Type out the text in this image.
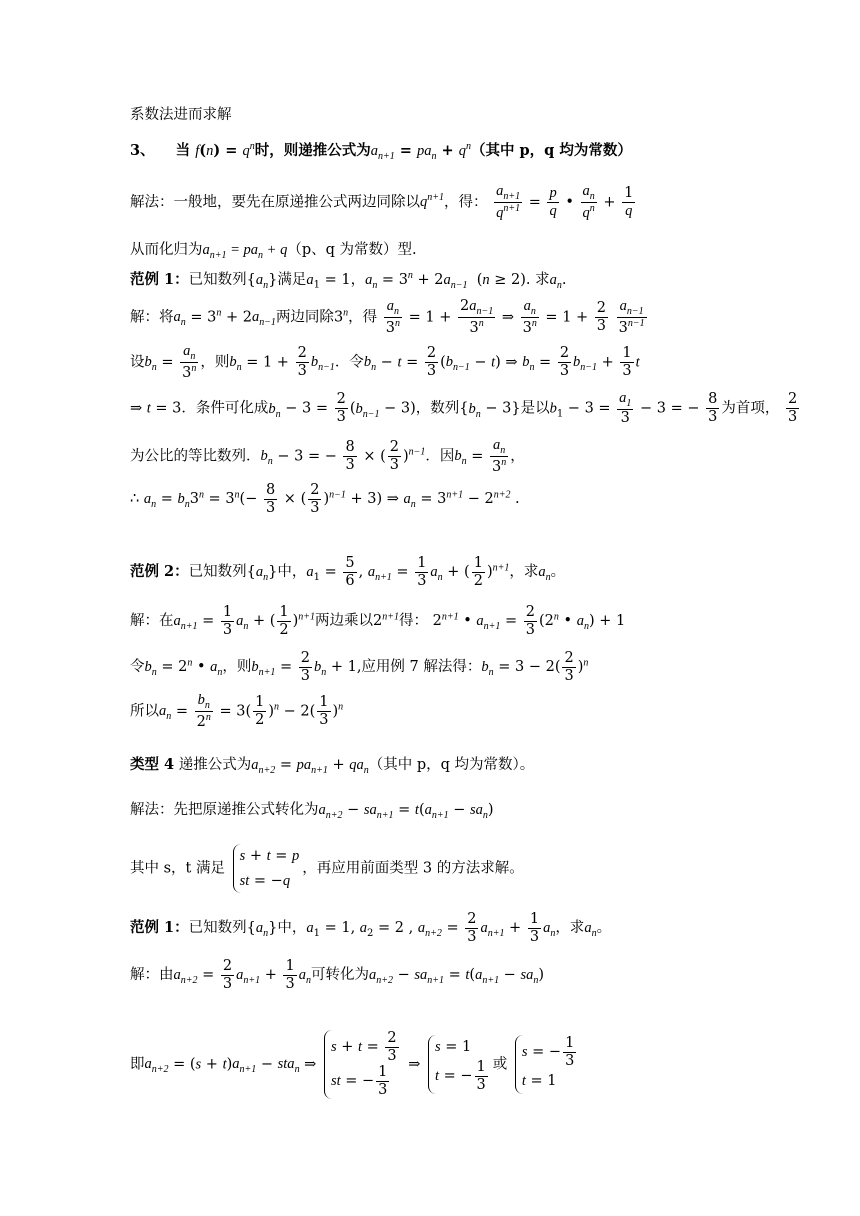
系数法进而求解
3、 当 $f(n) = q^n$时，则递推公式为$a_{n+1} = pa_n + q^n$（其中 p，q 均为常数）
解法：一般地，要先在原递推公式两边同除以$q^{n+1}$，得： $\frac{a_{n+1}}{q^{n+1}} = \frac{p}{q}$ • $\frac{a_n}{q^n} + \frac{1}{q}$
从而化归为$a_{n+1} = pa_n + q(p$、q 为常数）型.
范例 1：已知数列$\{a_n\}$满足$a_1 = 1$，$a_n = 3^n + 2a_{n-1}$  (n ≥ 2). 求$a_n$.
解：将$a_n = 3^n + 2a_{n-1}$两边同除3$^n$，得 $\frac{a_n}{3^n} = 1 + \frac{2a_{n-1}}{3^n}$ ⇒ $\frac{a_n}{3^n} = 1 + \frac{2}{3}$
$\frac{a_{n-1}}{3^{n-1}}$
设$b_n = \frac{a_n}{3^n}$ ，则$b_n = 1 + \frac{2}{3} b_{n-1}$．令$b_n - t = \frac{2}{3} (b_{n-1} - t)$ ⇒ $b_n = \frac{2}{3} b_{n-1} + \frac{1}{3}$ t
⇒ t = 3．条件可化成$b_n - 3 = \frac{2}{3} (b_{n-1} - 3)$，数列$\{b_n - 3\}$是以$b_1 - 3 = \frac{a_1}{3} - 3$ = − $\frac{8}{3}$ 为首项， $\frac{2}{3}$
为公比的等比数列．$b_n - 3$ = − $\frac{8}{3}$ × ( $\frac{2}{3} )^{n-1}$．因$b_n = \frac{a_n}{3^n}$ ，
∴ $a_n = b_n3^n = 3^n(- \frac{8}{3}$ × ( $\frac{2}{3} )^{n-1} + 3$) ⇒ $a_n = 3^{n+1} - 2^{n+2}$ .
范例 2：已知数列$\{a_n\}$中，$a_1 = \frac{5}{6}$ , $a_{n+1} = \frac{1}{3} a_n$ + ( $\frac{1}{2} )^{n+1}$，求$a_n$。
解：在$a_{n+1} = \frac{1}{3} a_n$ + ( $\frac{1}{2} )^{n+1}$两边乘以$2^{n+1}$得： $2^{n+1}$ • $a_{n+1} = \frac{2}{3} (2^n$ • $a_n) + 1$
令$b_n = 2^n$ • $a_n$，则$b_{n+1} = \frac{2}{3} b_n + 1$,应用例 7 解法得：$b_n = 3 - 2( \frac{2}{3} )^n$
所以$a_n = \frac{b_n}{2^n} = 3( \frac{1}{2} )^n - 2( \frac{1}{3} )^n$
类型 4 递推公式为$a_{n+2} = pa_{n+1} + qa_n$（其中 p，q 均为常数）。
解法：先把原递推公式转化为$a_{n+2} - sa_{n+1} = t(a_{n+1} - sa_n)$
其中 s，t 满足
s + t = p
st = −q
，再应用前面类型 3 的方法求解。
范例 1：已知数列$\{a_n\}$中，$a_1 = 1$, $a_2 = 2$ , $a_{n+2} = \frac{2}{3} a_{n+1} + \frac{1}{3} a_n$，求$a_n$。
解：由$a_{n+2} = \frac{2}{3} a_{n+1} + \frac{1}{3} a_n$可转化为$a_{n+2} - sa_{n+1} = t(a_{n+1} - sa_n)$
即$a_{n+2} = (s + t)a_{n+1} - sta_n$ ⇒
$s + t = \frac{2}{3}$
st = − $\frac{1}{3}$ ⇒
s = 1
t = − $\frac{1}{3}$ 或
s = − $\frac{1}{3}$
t = 1
